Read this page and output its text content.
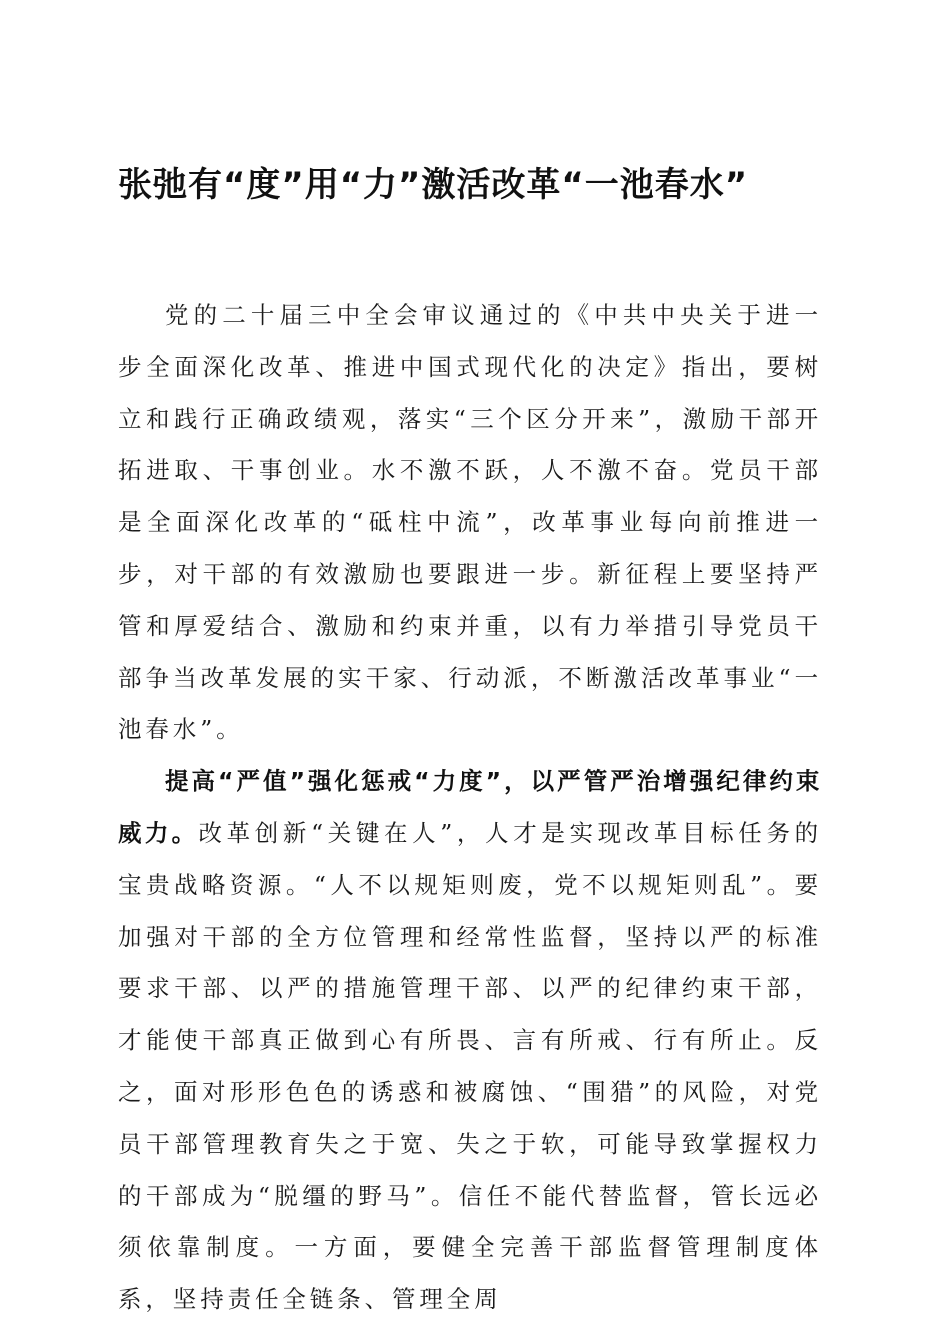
张弛有“度”用“力”激活改革“一池春水”

党的二十届三中全会审议通过的《中共中央关于进一步全面深化改革、推进中国式现代化的决定》指出，要树立和践行正确政绩观，落实“三个区分开来”，激励干部开拓进取、干事创业。水不激不跃，人不激不奋。党员干部是全面深化改革的“砥柱中流”，改革事业每向前推进一步，对干部的有效激励也要跟进一步。新征程上要坚持严管和厚爱结合、激励和约束并重，以有力举措引导党员干部争当改革发展的实干家、行动派，不断激活改革事业“一池春水”。

提高“严值”强化惩戒“力度”，以严管严治增强纪律约束威力。改革创新“关键在人”，人才是实现改革目标任务的宝贵战略资源。“人不以规矩则废，党不以规矩则乱”。要加强对干部的全方位管理和经常性监督，坚持以严的标准要求干部、以严的措施管理干部、以严的纪律约束干部，才能使干部真正做到心有所畏、言有所戒、行有所止。反之，面对形形色色的诱惑和被腐蚀、“围猎”的风险，对党员干部管理教育失之于宽、失之于软，可能导致掌握权力的干部成为“脱缰的野马”。信任不能代替监督，管长远必须依靠制度。一方面，要健全完善干部监督管理制度体系，坚持责任全链条、管理全周
